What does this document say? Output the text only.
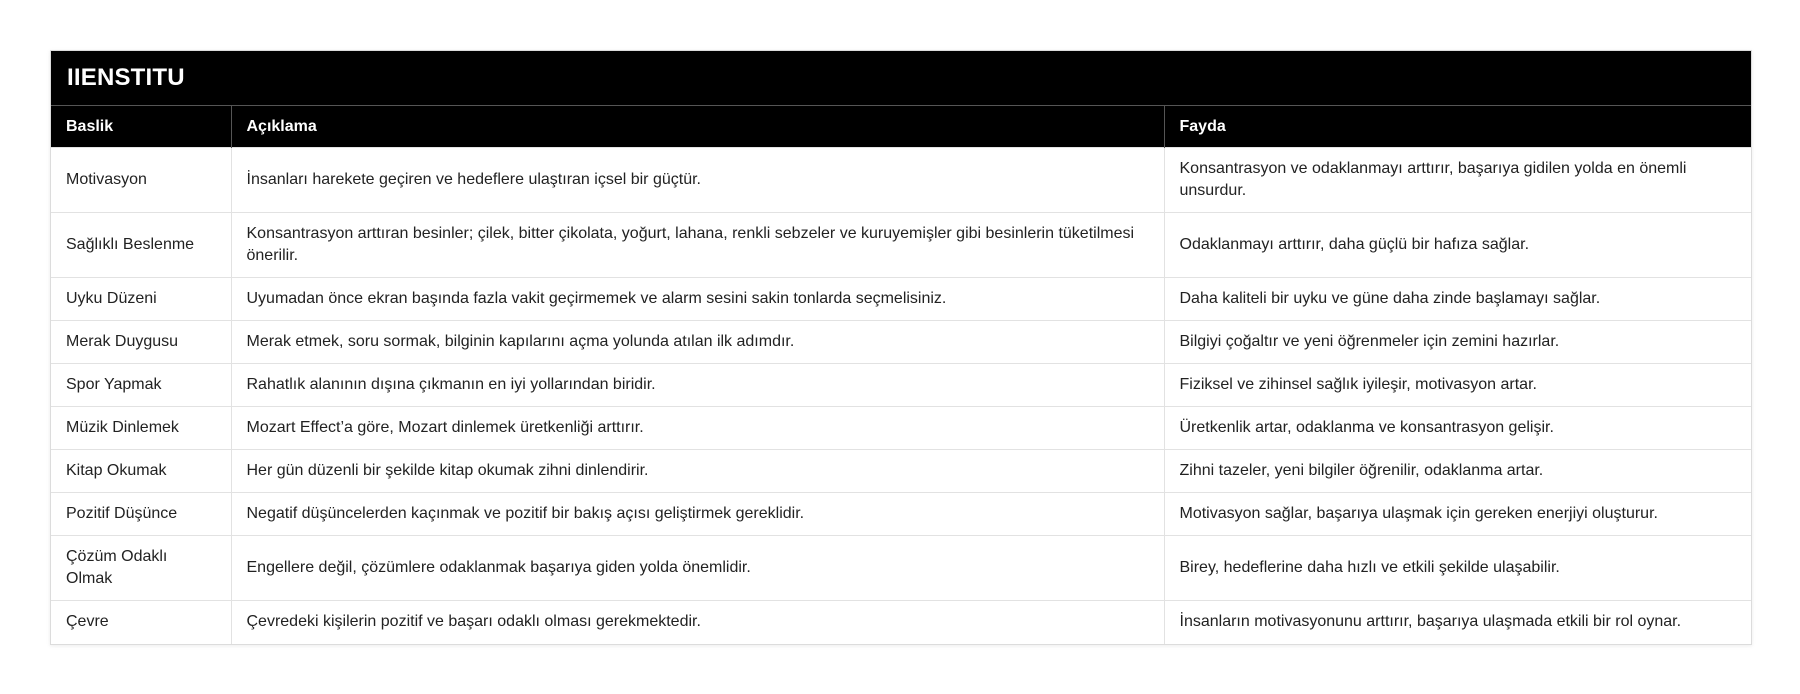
IIENSTITU
Baslik	Açıklama	Fayda
Motivasyon	İnsanları harekete geçiren ve hedeflere ulaştıran içsel bir güçtür.	Konsantrasyon ve odaklanmayı arttırır, başarıya gidilen yolda en önemli unsurdur.
Sağlıklı Beslenme	Konsantrasyon arttıran besinler; çilek, bitter çikolata, yoğurt, lahana, renkli sebzeler ve kuruyemişler gibi besinlerin tüketilmesi önerilir.	Odaklanmayı arttırır, daha güçlü bir hafıza sağlar.
Uyku Düzeni	Uyumadan önce ekran başında fazla vakit geçirmemek ve alarm sesini sakin tonlarda seçmelisiniz.	Daha kaliteli bir uyku ve güne daha zinde başlamayı sağlar.
Merak Duygusu	Merak etmek, soru sormak, bilginin kapılarını açma yolunda atılan ilk adımdır.	Bilgiyi çoğaltır ve yeni öğrenmeler için zemini hazırlar.
Spor Yapmak	Rahatlık alanının dışına çıkmanın en iyi yollarından biridir.	Fiziksel ve zihinsel sağlık iyileşir, motivasyon artar.
Müzik Dinlemek	Mozart Effect’a göre, Mozart dinlemek üretkenliği arttırır.	Üretkenlik artar, odaklanma ve konsantrasyon gelişir.
Kitap Okumak	Her gün düzenli bir şekilde kitap okumak zihni dinlendirir.	Zihni tazeler, yeni bilgiler öğrenilir, odaklanma artar.
Pozitif Düşünce	Negatif düşüncelerden kaçınmak ve pozitif bir bakış açısı geliştirmek gereklidir.	Motivasyon sağlar, başarıya ulaşmak için gereken enerjiyi oluşturur.
Çözüm Odaklı Olmak	Engellere değil, çözümlere odaklanmak başarıya giden yolda önemlidir.	Birey, hedeflerine daha hızlı ve etkili şekilde ulaşabilir.
Çevre	Çevredeki kişilerin pozitif ve başarı odaklı olması gerekmektedir.	İnsanların motivasyonunu arttırır, başarıya ulaşmada etkili bir rol oynar.
